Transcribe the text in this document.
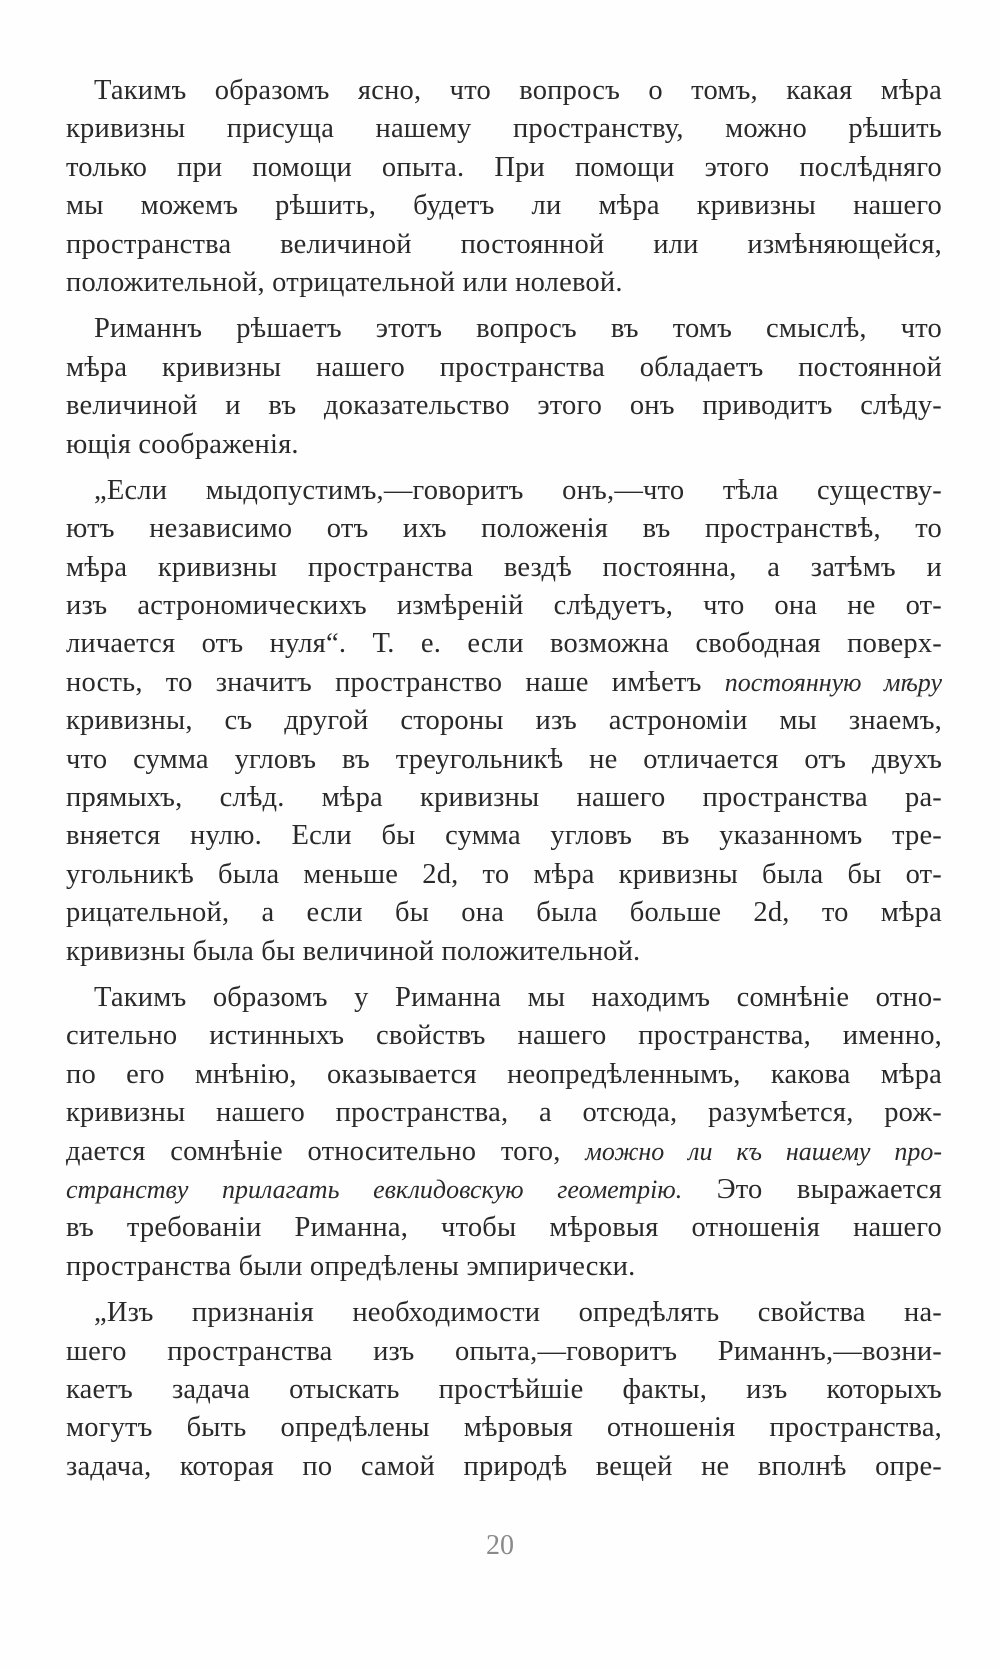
Такимъ образомъ ясно, что вопросъ о томъ, какая мѣра
кривизны присуща нашему пространству, можно рѣшить
только при помощи опыта. При помощи этого послѣдняго
мы можемъ рѣшить, будетъ ли мѣра кривизны нашего
пространства величиной постоянной или измѣняющейся,
положительной, отрицательной или нолевой.
Риманнъ рѣшаетъ этотъ вопросъ въ томъ смыслѣ, что
мѣра кривизны нашего пространства обладаетъ постоянной
величиной и въ доказательство этого онъ приводитъ слѣду-
ющія соображенія.
„Если мыдопустимъ,—говоритъ онъ,—что тѣла существу-
ютъ независимо отъ ихъ положенія въ пространствѣ, то
мѣра кривизны пространства вездѣ постоянна, а затѣмъ и
изъ астрономическихъ измѣреній слѣдуетъ, что она не от-
личается отъ нуля“. Т. е. если возможна свободная поверх-
ность, то значитъ пространство наше имѣетъ постоянную мѣру
кривизны, съ другой стороны изъ астрономіи мы знаемъ,
что сумма угловъ въ треугольникѣ не отличается отъ двухъ
прямыхъ, слѣд. мѣра кривизны нашего пространства ра-
вняется нулю. Если бы сумма угловъ въ указанномъ тре-
угольникѣ была меньше 2d, то мѣра кривизны была бы от-
рицательной, а если бы она была больше 2d, то мѣра
кривизны была бы величиной положительной.
Такимъ образомъ у Риманна мы находимъ сомнѣніе отно-
сительно истинныхъ свойствъ нашего пространства, именно,
по его мнѣнію, оказывается неопредѣленнымъ, какова мѣра
кривизны нашего пространства, а отсюда, разумѣется, рож-
дается сомнѣніе относительно того, можно ли къ нашему про-
странству прилагать евклидовскую геометрію. Это выражается
въ требованіи Риманна, чтобы мѣровыя отношенія нашего
пространства были опредѣлены эмпирически.
„Изъ признанія необходимости опредѣлять свойства на-
шего пространства изъ опыта,—говоритъ Риманнъ,—возни-
каетъ задача отыскать простѣйшіе факты, изъ которыхъ
могутъ быть опредѣлены мѣровыя отношенія пространства,
задача, которая по самой природѣ вещей не вполнѣ опре-
20
